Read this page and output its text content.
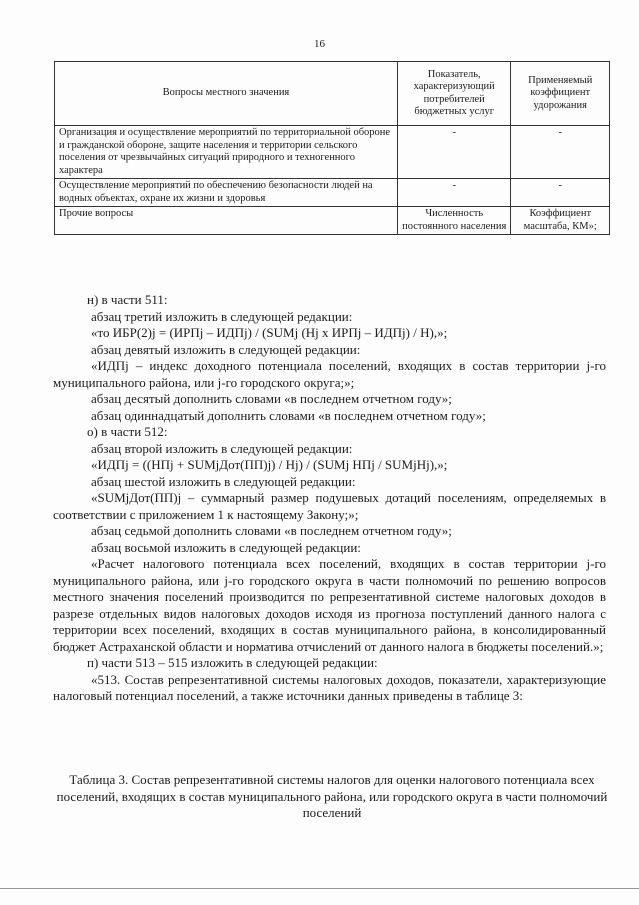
16
Вопросы местного значения	Показатель, характеризующий потребителей бюджетных услуг	Применяемый коэффициент удорожания
Организация и осуществление мероприятий по территориальной обороне и гражданской обороне, защите населения и территории сельского поселения от чрезвычайных ситуаций природного и техногенного характера	-	-
Осуществление мероприятий по обеспечению безопасности людей на водных объектах, охране их жизни и здоровья	-	-
Прочие вопросы	Численность постоянного населения	Коэффициент масштаба, КМ»;

н) в части 511:

абзац третий изложить в следующей редакции:

«то ИБР(2)j = (ИРПj – ИДПj) / (SUMj (Hj x ИРПj – ИДПj) / Н),»;

абзац девятый изложить в следующей редакции:

«ИДПj – индекс доходного потенциала поселений, входящих в состав территории j-го муниципального района, или j-го городского округа;»;

абзац десятый дополнить словами «в последнем отчетном году»;

абзац одиннадцатый дополнить словами «в последнем отчетном году»;

о) в части 512:

абзац второй изложить в следующей редакции:

«ИДПj = ((НПj + SUMjДот(ПП)j) / Hj) / (SUMj НПj / SUMjHj),»;

абзац шестой изложить в следующей редакции:

«SUMjДот(ПП)j – суммарный размер подушевых дотаций поселениям, определяемых в соответствии с приложением 1 к настоящему Закону;»;

абзац седьмой дополнить словами «в последнем отчетном году»;

абзац восьмой изложить в следующей редакции:

«Расчет налогового потенциала всех поселений, входящих в состав территории j-го муниципального района, или j-го городского округа в части полномочий по решению вопросов местного значения поселений производится по репрезентативной системе налоговых доходов в разрезе отдельных видов налоговых доходов исходя из прогноза поступлений данного налога с территории всех поселений, входящих в состав муниципального района, в консолидированный бюджет Астраханской области и норматива отчислений от данного налога в бюджеты поселений.»;

п) части 513 – 515 изложить в следующей редакции:

«513. Состав репрезентативной системы налоговых доходов, показатели, характеризующие налоговый потенциал поселений, а также источники данных приведены в таблице 3:

Таблица 3. Состав репрезентативной системы налогов для оценки налогового потенциала всех поселений, входящих в состав муниципального района, или городского округа в части полномочий поселений
